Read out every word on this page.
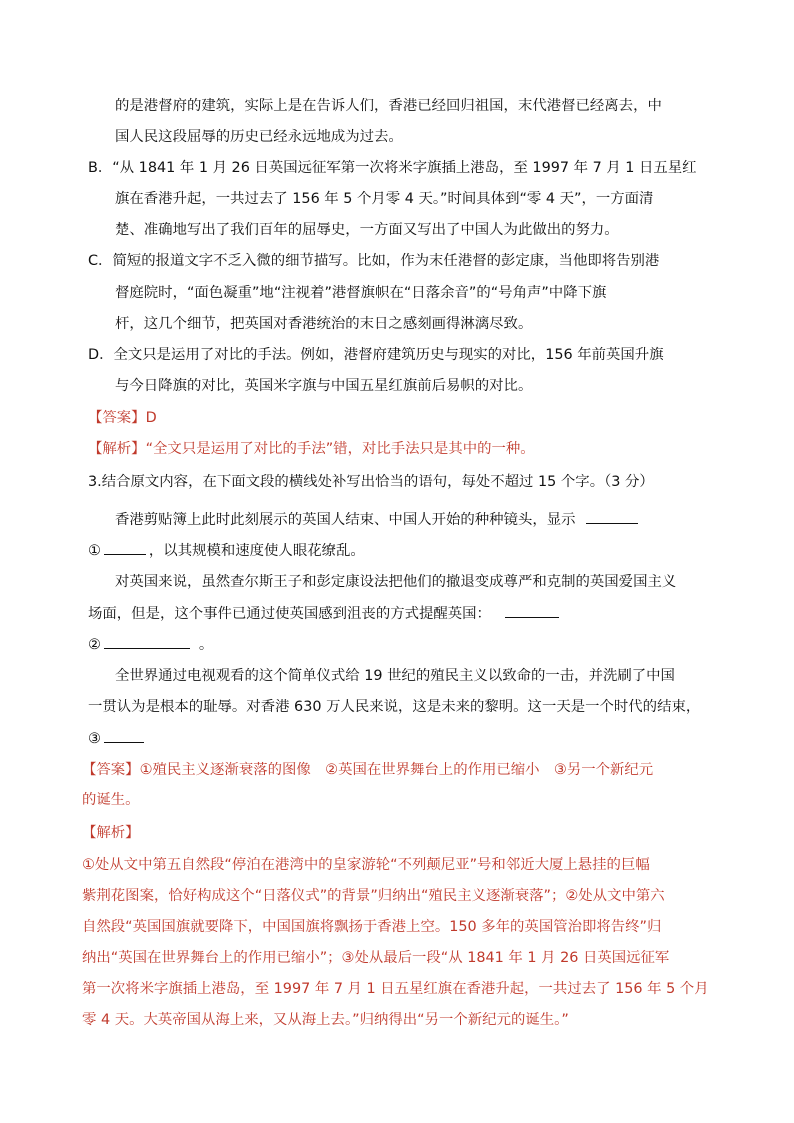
的是港督府的建筑，实际上是在告诉人们，香港已经回归祖国，末代港督已经离去，中
国人民这段屈辱的历史已经永远地成为过去。
B．“从 1841 年 1 月 26 日英国远征军第一次将米字旗插上港岛，至 1997 年 7 月 1 日五星红
旗在香港升起，一共过去了 156 年 5 个月零 4 天。”时间具体到“零 4 天”，一方面清
楚、准确地写出了我们百年的屈辱史，一方面又写出了中国人为此做出的努力。
C．简短的报道文字不乏入微的细节描写。比如，作为末任港督的彭定康，当他即将告别港
督庭院时，“面色凝重”地“注视着”港督旗帜在“日落余音”的“号角声”中降下旗
杆，这几个细节，把英国对香港统治的末日之感刻画得淋漓尽致。
D．全文只是运用了对比的手法。例如，港督府建筑历史与现实的对比，156 年前英国升旗
与今日降旗的对比，英国米字旗与中国五星红旗前后易帜的对比。
【答案】D
【解析】“全文只是运用了对比的手法”错，对比手法只是其中的一种。
3.结合原文内容，在下面文段的横线处补写出恰当的语句，每处不超过 15 个字。（3 分）
香港剪贴簿上此时此刻展示的英国人结束、中国人开始的种种镜头，显示
①	，以其规模和速度使人眼花缭乱。
对英国来说，虽然查尔斯王子和彭定康设法把他们的撤退变成尊严和克制的英国爱国主义
场面，但是，这个事件已通过使英国感到沮丧的方式提醒英国：
②	。
全世界通过电视观看的这个简单仪式给 19 世纪的殖民主义以致命的一击，并洗刷了中国
一贯认为是根本的耻辱。对香港 630 万人民来说，这是未来的黎明。这一天是一个时代的结束，
③
【答案】①殖民主义逐渐衰落的图像　②英国在世界舞台上的作用已缩小　③另一个新纪元
的诞生。
【解析】
①处从文中第五自然段“停泊在港湾中的皇家游轮“不列颠尼亚”号和邻近大厦上悬挂的巨幅
紫荆花图案，恰好构成这个“日落仪式”的背景”归纳出“殖民主义逐渐衰落”；②处从文中第六
自然段“英国国旗就要降下，中国国旗将飘扬于香港上空。150 多年的英国管治即将告终”归
纳出“英国在世界舞台上的作用已缩小”；③处从最后一段“从 1841 年 1 月 26 日英国远征军
第一次将米字旗插上港岛，至 1997 年 7 月 1 日五星红旗在香港升起，一共过去了 156 年 5 个月
零 4 天。大英帝国从海上来，又从海上去。”归纳得出“另一个新纪元的诞生。”
